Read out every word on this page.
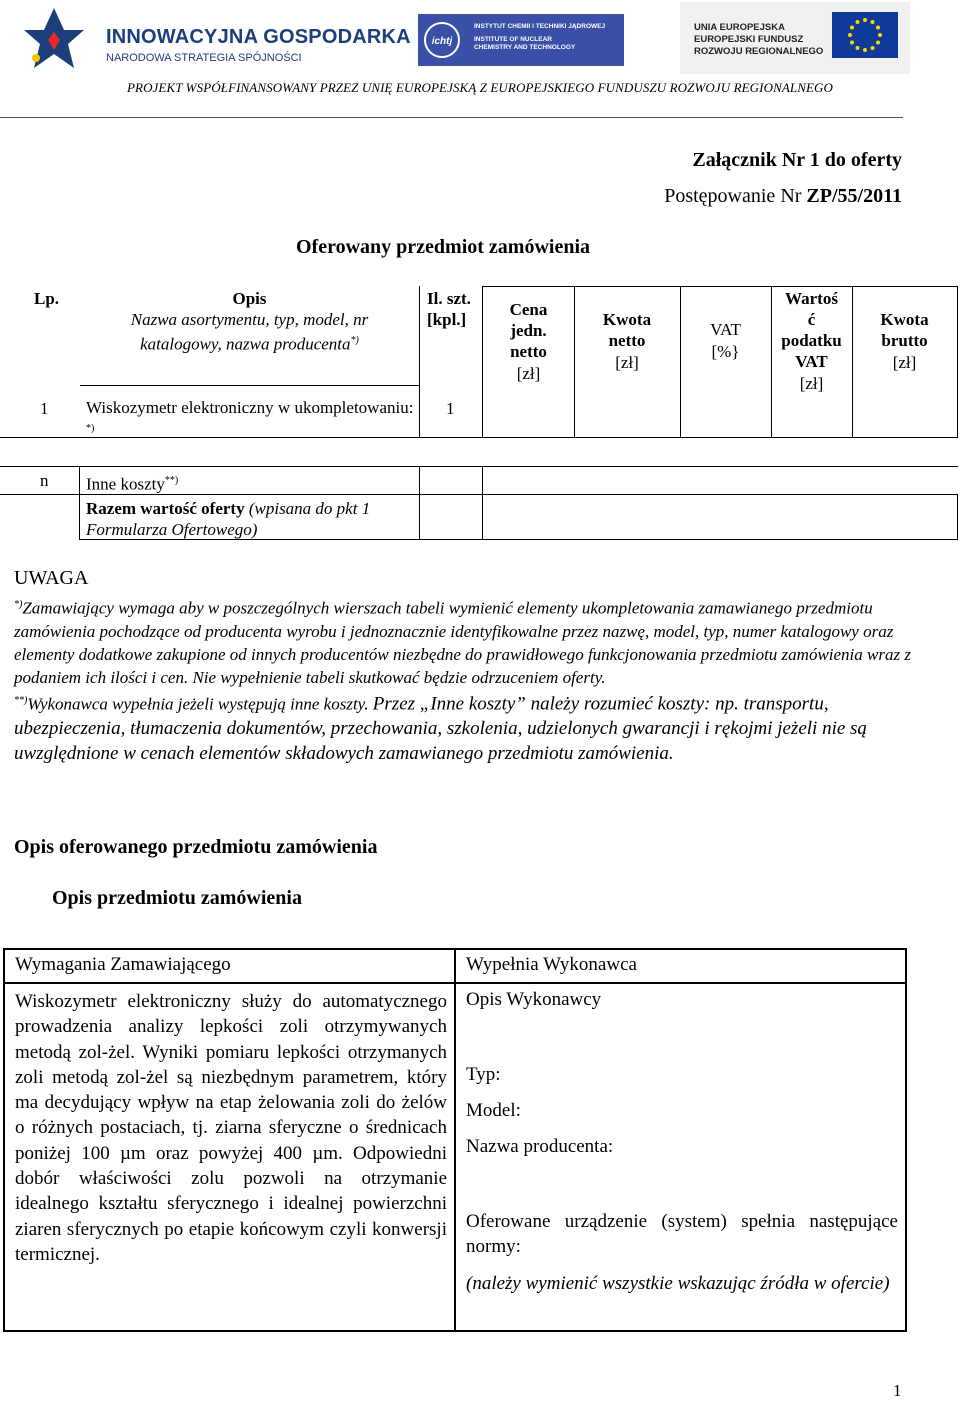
INNOWACYJNA GOSPODARKA
NARODOWA STRATEGIA SPÓJNOŚCI
ichtj
INSTYTUT CHEMII I TECHNIKI JĄDROWEJ
INSTITUTE OF NUCLEAR
CHEMISTRY AND TECHNOLOGY
UNIA EUROPEJSKA
EUROPEJSKI FUNDUSZ
ROZWOJU REGIONALNEGO
PROJEKT WSPÓŁFINANSOWANY PRZEZ UNIĘ EUROPEJSKĄ Z EUROPEJSKIEGO FUNDUSZU ROZWOJU REGIONALNEGO
Załącznik Nr 1 do oferty
Postępowanie Nr ZP/55/2011
Oferowany przedmiot zamówienia
Lp.	Opis
Nazwa asortymentu, typ, model, nr katalogowy, nazwa producenta*)
Il. szt.
[kpl.]
Cena jedn. netto
[zł]
Kwota netto
[zł]
VAT
[%}
Wartoś
ć
podatku
VAT
[zł]
Kwota brutto
[zł]
1 Wiskozymetr elektroniczny w ukompletowaniu: *)
1
n Inne koszty**)
Razem wartość oferty (wpisana do pkt 1 Formularza Ofertowego)
UWAGA
*)Zamawiający wymaga aby w poszczególnych wierszach tabeli wymienić elementy ukompletowania zamawianego przedmiotu zamówienia pochodzące od producenta wyrobu i jednoznacznie identyfikowalne przez nazwę, model, typ, numer katalogowy oraz elementy dodatkowe zakupione od innych producentów niezbędne do prawidłowego funkcjonowania przedmiotu zamówienia wraz z podaniem ich ilości i cen. Nie wypełnienie tabeli skutkować będzie odrzuceniem oferty.
**)Wykonawca wypełnia jeżeli występują inne koszty. Przez „Inne koszty” należy rozumieć koszty: np. transportu, ubezpieczenia, tłumaczenia dokumentów, przechowania, szkolenia, udzielonych gwarancji i rękojmi jeżeli nie są uwzględnione w cenach elementów składowych zamawianego przedmiotu zamówienia.
Opis oferowanego przedmiotu zamówienia
Opis przedmiotu zamówienia
Wymagania Zamawiającego	Wypełnia Wykonawca
Wiskozymetr elektroniczny służy do automatycznego prowadzenia analizy lepkości zoli otrzymywanych metodą zol-żel. Wyniki pomiaru lepkości otrzymanych zoli metodą zol-żel są niezbędnym parametrem, który ma decydujący wpływ na etap żelowania zoli do żelów o różnych postaciach, tj. ziarna sferyczne o średnicach poniżej 100 µm oraz powyżej 400 µm. Odpowiedni dobór właściwości zolu pozwoli na otrzymanie idealnego kształtu sferycznego i idealnej powierzchni ziaren sferycznych po etapie końcowym czyli konwersji termicznej.
Opis Wykonawcy
Typ:
Model:
Nazwa producenta:
Oferowane urządzenie (system) spełnia następujące normy:
(należy wymienić wszystkie wskazując źródła w ofercie)
1
